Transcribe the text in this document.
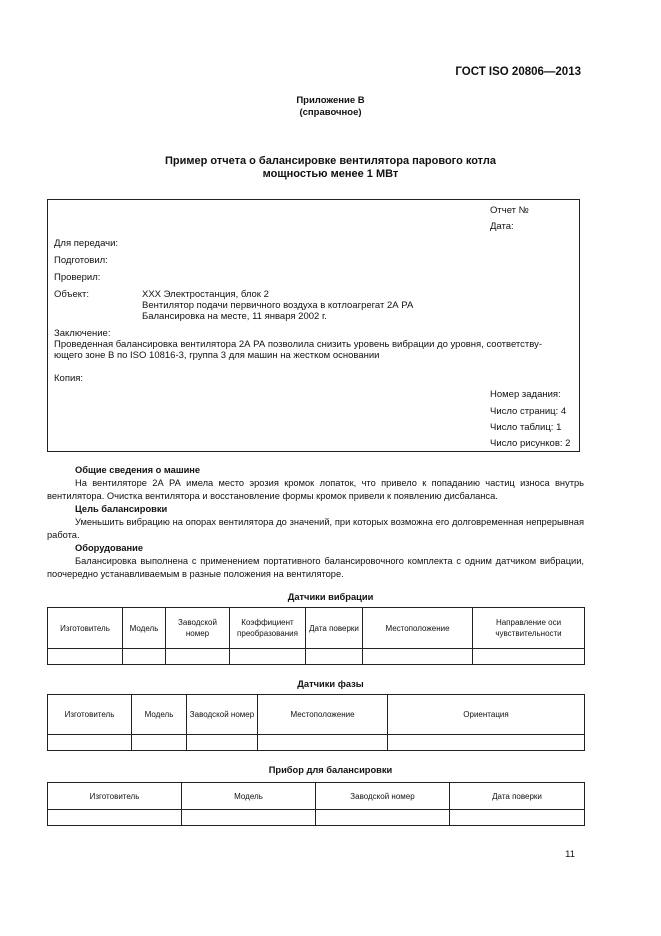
ГОСТ ISO 20806—2013
Приложение В
(справочное)
Пример отчета о балансировке вентилятора парового котла
мощностью менее 1 МВт
Отчет №
Дата:
Для передачи:
Подготовил:
Проверил:
Объект:	XXX Электростанция, блок 2
Вентилятор подачи первичного воздуха в котлоагрегат 2А РА
Балансировка на месте, 11 января 2002 г.
Заключение:
Проведенная балансировка вентилятора 2А РА позволила снизить уровень вибрации до уровня, соответству-
ющего зоне В по ISO 10816-3, группа 3 для машин на жестком основании
Копия:
Номер задания:
Число страниц: 4
Число таблиц: 1
Число рисунков: 2
Общие сведения о машине
На вентиляторе 2А РА имела место эрозия кромок лопаток, что привело к попаданию частиц износа внутрь вентилятора. Очистка вентилятора и восстановление формы кромок привели к появлению дисбаланса.
Цель балансировки
Уменьшить вибрацию на опорах вентилятора до значений, при которых возможна его долговременная непрерывная работа.
Оборудование
Балансировка выполнена с применением портативного балансировочного комплекта с одним датчиком вибрации, поочередно устанавливаемым в разные положения на вентиляторе.
Датчики вибрации
Изготовитель	Модель	Заводской номер	Коэффициент преобразования	Дата поверки	Местоположение	Направление оси чувствительности

Датчики фазы
Изготовитель	Модель	Заводской номер	Местоположение	Ориентация

Прибор для балансировки
Изготовитель	Модель	Заводской номер	Дата поверки

11
